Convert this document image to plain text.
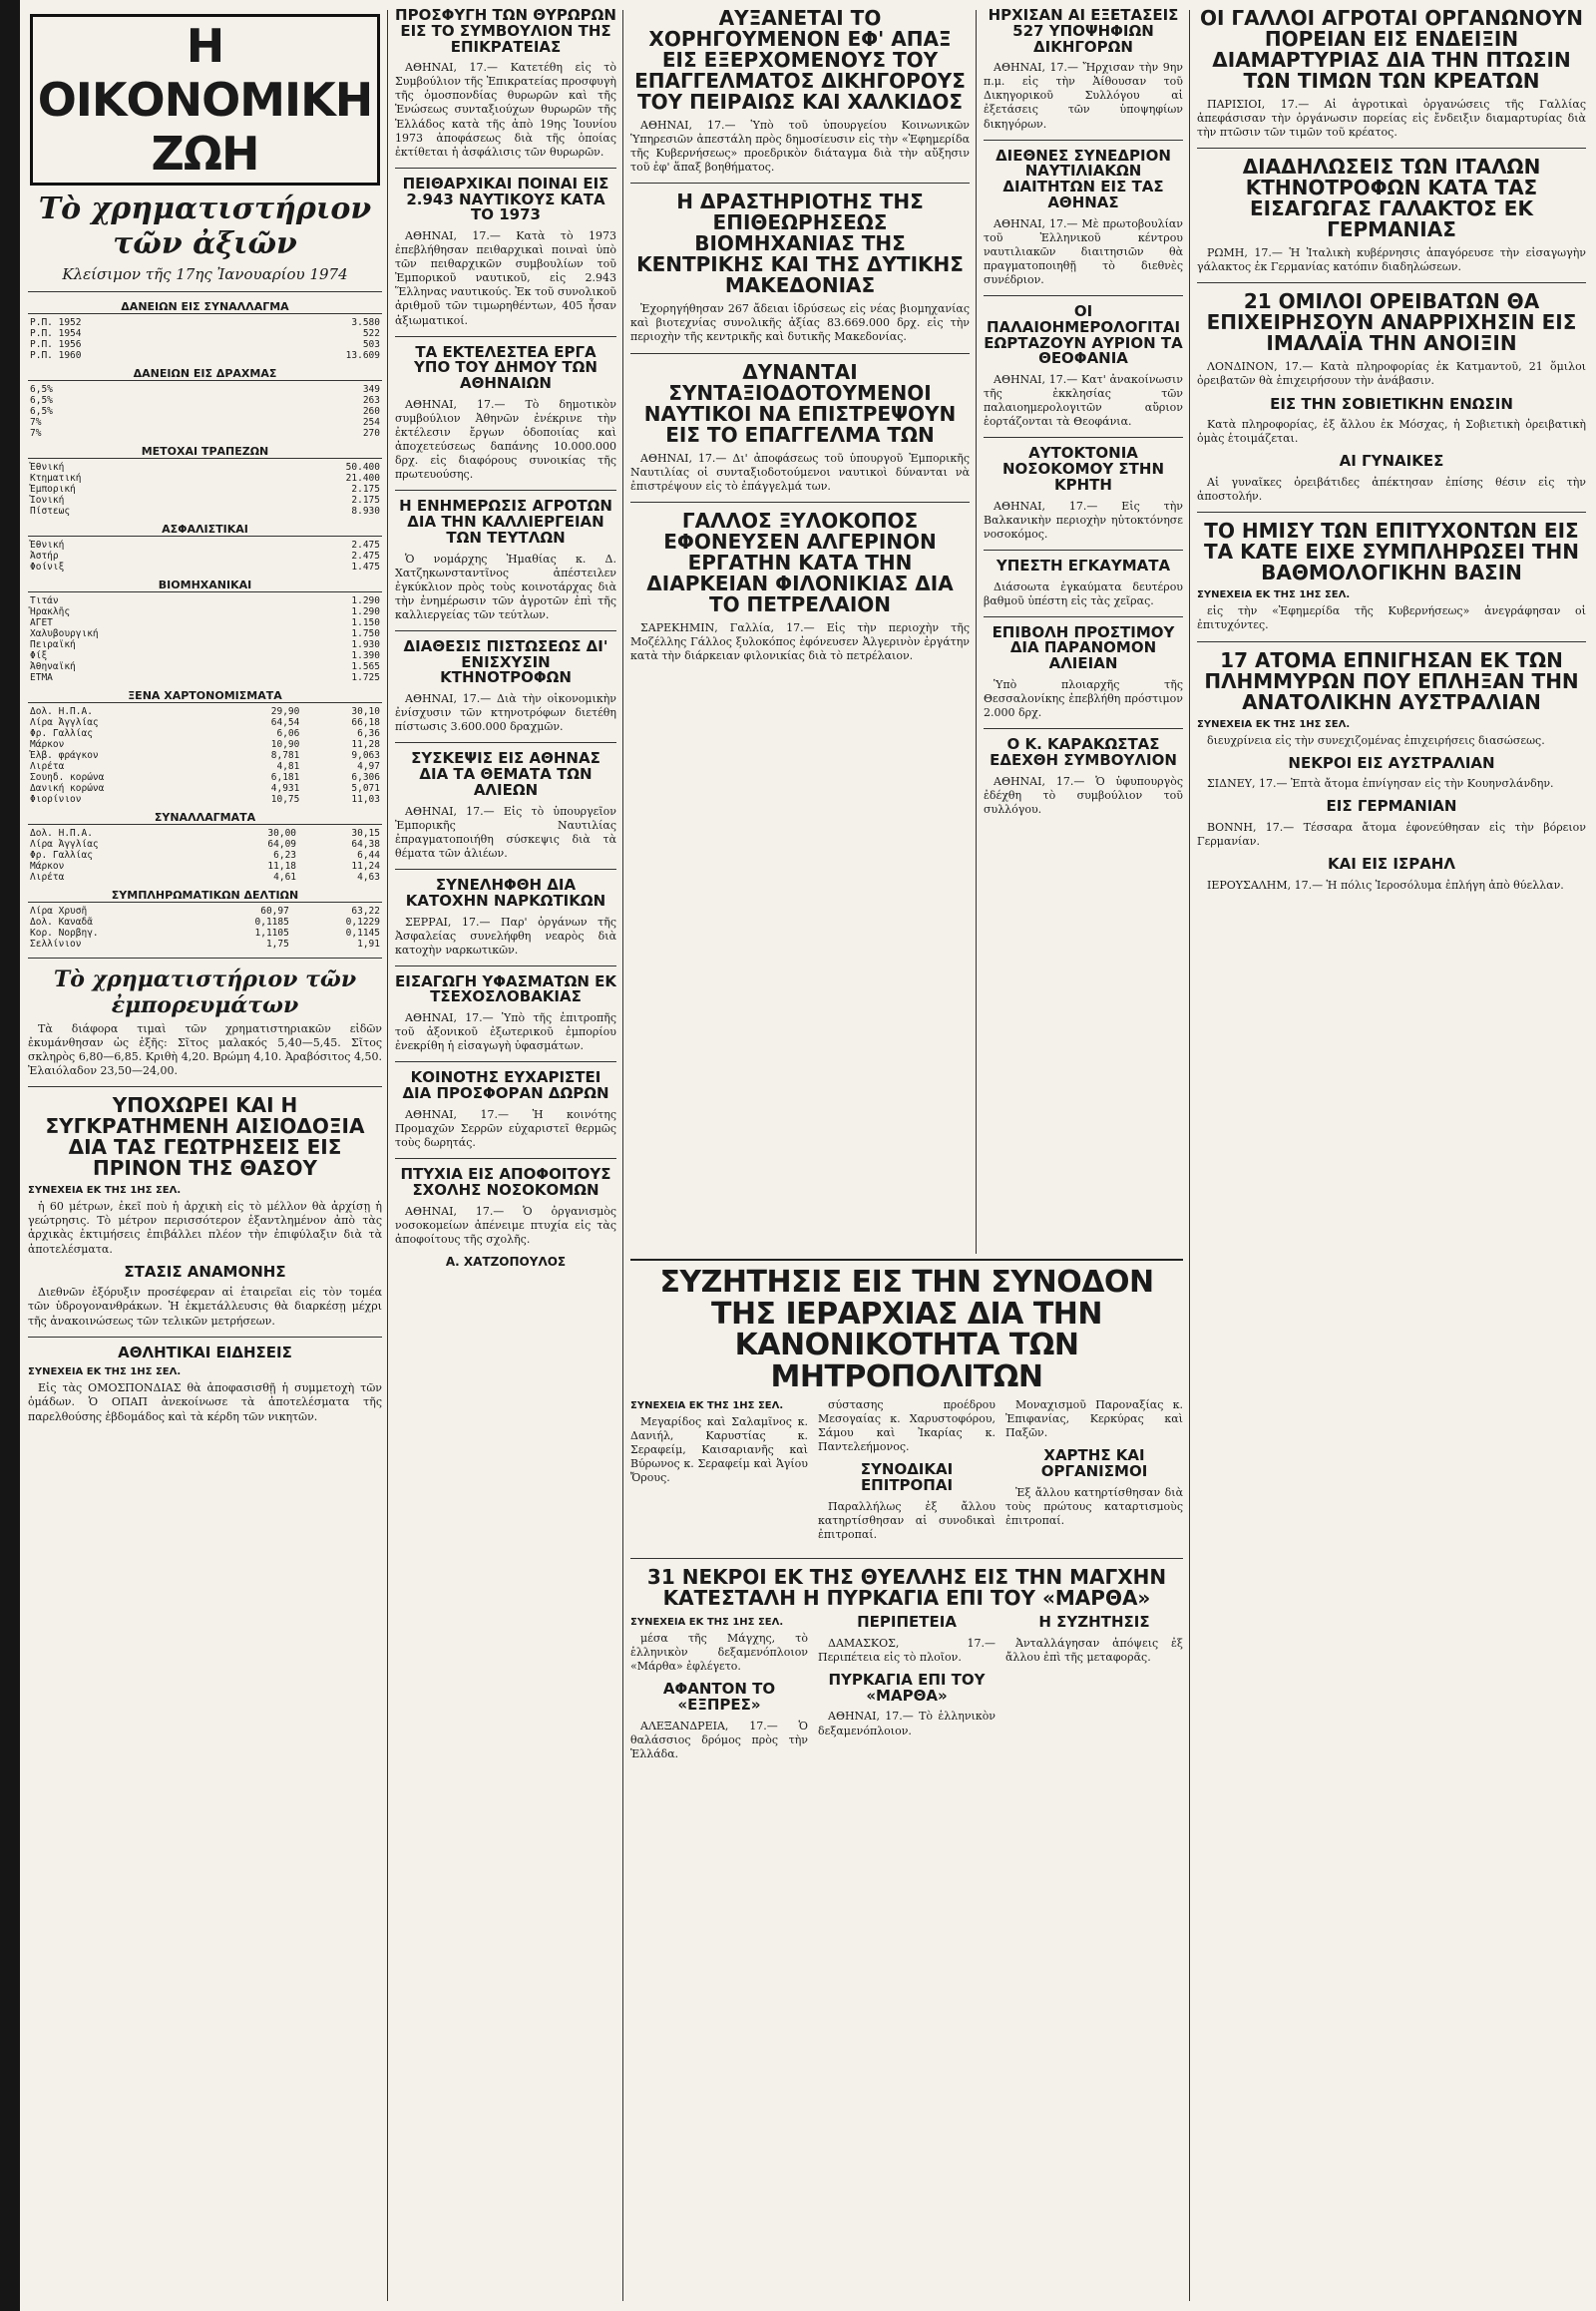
Η ΟΙΚΟΝΟΜΙΚΗ ΖΩΗ
Τὸ χρηματιστήριον τῶν ἀξιῶν
Κλείσιμον τῆς 17ης Ἰανουαρίου 1974
ΔΑΝΕΙΩΝ ΕΙΣ ΣΥΝΑΛΛΑΓΜΑ
Ρ.Π. 1952	3.580
Ρ.Π. 1954	522
Ρ.Π. 1956	503
Ρ.Π. 1960	13.609
ΔΑΝΕΙΩΝ ΕΙΣ ΔΡΑΧΜΑΣ
6,5%	349
6,5%	263
6,5%	260
7%	254
7%	270
ΜΕΤΟΧΑΙ ΤΡΑΠΕΖΩΝ
Ἐθνική	50.400
Κτηματική	21.400
Ἑμπορική	2.175
Ἰονική	2.175
Πίστεως	8.930
ΑΣΦΑΛΙΣΤΙΚΑΙ
Ἐθνική	2.475
Ἀστήρ	2.475
Φοίνιξ	1.475
ΒΙΟΜΗΧΑΝΙΚΑΙ
Τιτάν	1.290
Ἤρακλῆς	1.290
ΑΓΕΤ	1.150
Χαλυβουργική	1.750
Πειραϊκή	1.930
Φίξ	1.390
Ἀθηναϊκή	1.565
ΕΤΜΑ	1.725
ΞΕΝΑ ΧΑΡΤΟΝΟΜΙΣΜΑΤΑ
Δολ. Η.Π.Α.	29,90	30,10
Λίρα Ἀγγλίας	64,54	66,18
Φρ. Γαλλίας	6,06	6,36
Μάρκον	10,90	11,28
Ἑλβ. φράγκον	8,781	9,063
Λιρέτα	4,81	4,97
Σουηδ. κορώνα	6,181	6,306
Δανική κορώνα	4,931	5,071
Φιορίνιον	10,75	11,03
ΣΥΝΑΛΛΑΓΜΑΤΑ
Δολ. Η.Π.Α.	30,00	30,15
Λίρα Ἀγγλίας	64,09	64,38
Φρ. Γαλλίας	6,23	6,44
Μάρκον	11,18	11,24
Λιρέτα	4,61	4,63
ΣΥΜΠΛΗΡΩΜΑΤΙΚΩΝ ΔΕΛΤΙΩΝ
Λίρα Χρυσῆ	60,97	63,22
Δολ. Καναδᾶ	0,1185	0,1229
Κορ. Νορβηγ.	1,1105	0,1145
Σελλίνιον	1,75	1,91
Τὸ χρηματιστήριον τῶν ἐμπορευμάτων

Τὰ διάφορα τιμαὶ τῶν χρηματιστηριακῶν εἰδῶν ἐκυμάνθησαν ὡς ἐξῆς: Σῖτος μαλακός 5,40—5,45. Σῖτος σκληρὸς 6,80—6,85. Κριθὴ 4,20. Βρώμη 4,10. Ἀραβόσιτος 4,50. Ἐλαιόλαδον 23,50—24,00.

ΥΠΟΧΩΡΕΙ ΚΑΙ Η ΣΥΓΚΡΑΤΗΜΕΝΗ ΑΙΣΙΟΔΟΞΙΑ ΔΙΑ ΤΑΣ ΓΕΩΤΡΗΣΕΙΣ ΕΙΣ ΠΡΙΝΟΝ ΤΗΣ ΘΑΣΟΥ
ΣΥΝΕΧΕΙΑ ΕΚ ΤΗΣ 1ΗΣ ΣΕΛ.

ἡ 60 μέτρων, ἐκεῖ ποὺ ἡ ἀρχικὴ εἰς τὸ μέλλον θὰ ἀρχίσῃ ἡ γεώτρησις. Τὸ μέτρον περισσότερον ἐξαντλημένον ἀπὸ τὰς ἀρχικὰς ἐκτιμήσεις ἐπιβάλλει πλέον τὴν ἐπιφύλαξιν διὰ τὰ ἀποτελέσματα.

ΣΤΑΣΙΣ ΑΝΑΜΟΝΗΣ

Διεθνῶν ἐξόρυξιν προσέφεραν αἱ ἑταιρεῖαι εἰς τὸν τομέα τῶν ὑδρογονανθράκων. Ἡ ἐκμετάλλευσις θὰ διαρκέσῃ μέχρι τῆς ἀνακοινώσεως τῶν τελικῶν μετρήσεων.

ΑΘΛΗΤΙΚΑΙ ΕΙΔΗΣΕΙΣ
ΣΥΝΕΧΕΙΑ ΕΚ ΤΗΣ 1ΗΣ ΣΕΛ.

Εἰς τὰς ΟΜΟΣΠΟΝΔΙΑΣ θὰ ἀποφασισθῇ ἡ συμμετοχὴ τῶν ὁμάδων. Ὁ ΟΠΑΠ ἀνεκοίνωσε τὰ ἀποτελέσματα τῆς παρελθούσης ἑβδομάδος καὶ τὰ κέρδη τῶν νικητῶν.

ΠΡΟΣΦΥΓΗ ΤΩΝ ΘΥΡΩΡΩΝ ΕΙΣ ΤΟ ΣΥΜΒΟΥΛΙΟΝ ΤΗΣ ΕΠΙΚΡΑΤΕΙΑΣ

ΑΘΗΝΑΙ, 17.— Κατετέθη εἰς τὸ Συμβούλιον τῆς Ἐπικρατείας προσφυγὴ τῆς ὁμοσπονδίας θυρωρῶν καὶ τῆς Ἑνώσεως συνταξιούχων θυρωρῶν τῆς Ἑλλάδος κατὰ τῆς ἀπὸ 19ης Ἰουνίου 1973 ἀποφάσεως διὰ τῆς ὁποίας ἐκτίθεται ἡ ἀσφάλισις τῶν θυρωρῶν.

ΠΕΙΘΑΡΧΙΚΑΙ ΠΟΙΝΑΙ ΕΙΣ 2.943 ΝΑΥΤΙΚΟΥΣ ΚΑΤΑ ΤΟ 1973

ΑΘΗΝΑΙ, 17.— Κατὰ τὸ 1973 ἐπεβλήθησαν πειθαρχικαὶ ποιναὶ ὑπὸ τῶν πειθαρχικῶν συμβουλίων τοῦ Ἐμπορικοῦ ναυτικοῦ, εἰς 2.943 Ἕλληνας ναυτικούς. Ἐκ τοῦ συνολικοῦ ἀριθμοῦ τῶν τιμωρηθέντων, 405 ἦσαν ἀξιωματικοί.

ΤΑ ΕΚΤΕΛΕΣΤΕΑ ΕΡΓΑ ΥΠΟ ΤΟΥ ΔΗΜΟΥ ΤΩΝ ΑΘΗΝΑΙΩΝ

ΑΘΗΝΑΙ, 17.— Τὸ δημοτικὸν συμβούλιον Ἀθηνῶν ἐνέκρινε τὴν ἐκτέλεσιν ἔργων ὁδοποιίας καὶ ἀποχετεύσεως δαπάνης 10.000.000 δρχ. εἰς διαφόρους συνοικίας τῆς πρωτευούσης.

Η ΕΝΗΜΕΡΩΣΙΣ ΑΓΡΟΤΩΝ ΔΙΑ ΤΗΝ ΚΑΛΛΙΕΡΓΕΙΑΝ ΤΩΝ ΤΕΥΤΛΩΝ

Ὁ νομάρχης Ἠμαθίας κ. Δ. Χατζηκωνσταντῖνος ἀπέστειλεν ἐγκύκλιον πρὸς τοὺς κοινοτάρχας διὰ τὴν ἐνημέρωσιν τῶν ἀγροτῶν ἐπὶ τῆς καλλιεργείας τῶν τεύτλων.

ΔΙΑΘΕΣΙΣ ΠΙΣΤΩΣΕΩΣ ΔΙ' ΕΝΙΣΧΥΣΙΝ ΚΤΗΝΟΤΡΟΦΩΝ

ΑΘΗΝΑΙ, 17.— Διὰ τὴν οἰκονομικὴν ἐνίσχυσιν τῶν κτηνοτρόφων διετέθη πίστωσις 3.600.000 δραχμῶν.

ΣΥΣΚΕΨΙΣ ΕΙΣ ΑΘΗΝΑΣ ΔΙΑ ΤΑ ΘΕΜΑΤΑ ΤΩΝ ΑΛΙΕΩΝ

ΑΘΗΝΑΙ, 17.— Εἰς τὸ ὑπουργεῖον Ἐμπορικῆς Ναυτιλίας ἐπραγματοποιήθη σύσκεψις διὰ τὰ θέματα τῶν ἁλιέων.

ΣΥΝΕΛΗΦΘΗ ΔΙΑ ΚΑΤΟΧΗΝ ΝΑΡΚΩΤΙΚΩΝ

ΣΕΡΡΑΙ, 17.— Παρ' ὀργάνων τῆς Ἀσφαλείας συνελήφθη νεαρὸς διὰ κατοχὴν ναρκωτικῶν.

ΕΙΣΑΓΩΓΗ ΥΦΑΣΜΑΤΩΝ ΕΚ ΤΣΕΧΟΣΛΟΒΑΚΙΑΣ

ΑΘΗΝΑΙ, 17.— Ὑπὸ τῆς ἐπιτροπῆς τοῦ ἀξονικοῦ ἐξωτερικοῦ ἐμπορίου ἐνεκρίθη ἡ εἰσαγωγὴ ὑφασμάτων.

ΚΟΙΝΟΤΗΣ ΕΥΧΑΡΙΣΤΕΙ ΔΙΑ ΠΡΟΣΦΟΡΑΝ ΔΩΡΩΝ

ΑΘΗΝΑΙ, 17.— Ἡ κοινότης Προμαχῶν Σερρῶν εὐχαριστεῖ θερμῶς τοὺς δωρητάς.

ΠΤΥΧΙΑ ΕΙΣ ΑΠΟΦΟΙΤΟΥΣ ΣΧΟΛΗΣ ΝΟΣΟΚΟΜΩΝ

ΑΘΗΝΑΙ, 17.— Ὁ ὀργανισμὸς νοσοκομείων ἀπένειμε πτυχία εἰς τὰς ἀποφοίτους τῆς σχολῆς.

Α. ΧΑΤΖΟΠΟΥΛΟΣ
ΑΥΞΑΝΕΤΑΙ ΤΟ ΧΟΡΗΓΟΥΜΕΝΟΝ ΕΦ' ΑΠΑΞ ΕΙΣ ΕΞΕΡΧΟΜΕΝΟΥΣ ΤΟΥ ΕΠΑΓΓΕΛΜΑΤΟΣ ΔΙΚΗΓΟΡΟΥΣ ΤΟΥ ΠΕΙΡΑΙΩΣ ΚΑΙ ΧΑΛΚΙΔΟΣ

ΑΘΗΝΑΙ, 17.— Ὑπὸ τοῦ ὑπουργείου Κοινωνικῶν Ὑπηρεσιῶν ἀπεστάλη πρὸς δημοσίευσιν εἰς τὴν «Ἐφημερίδα τῆς Κυβερνήσεως» προεδρικὸν διάταγμα διὰ τὴν αὔξησιν τοῦ ἐφ' ἅπαξ βοηθήματος.

Η ΔΡΑΣΤΗΡΙΟΤΗΣ ΤΗΣ ΕΠΙΘΕΩΡΗΣΕΩΣ ΒΙΟΜΗΧΑΝΙΑΣ ΤΗΣ ΚΕΝΤΡΙΚΗΣ ΚΑΙ ΤΗΣ ΔΥΤΙΚΗΣ ΜΑΚΕΔΟΝΙΑΣ

Ἐχορηγήθησαν 267 ἄδειαι ἱδρύσεως εἰς νέας βιομηχανίας καὶ βιοτεχνίας συνολικῆς ἀξίας 83.669.000 δρχ. εἰς τὴν περιοχὴν τῆς κεντρικῆς καὶ δυτικῆς Μακεδονίας.

ΔΥΝΑΝΤΑΙ ΣΥΝΤΑΞΙΟΔΟΤΟΥΜΕΝΟΙ ΝΑΥΤΙΚΟΙ ΝΑ ΕΠΙΣΤΡΕΨΟΥΝ ΕΙΣ ΤΟ ΕΠΑΓΓΕΛΜΑ ΤΩΝ

ΑΘΗΝΑΙ, 17.— Δι' ἀποφάσεως τοῦ ὑπουργοῦ Ἐμπορικῆς Ναυτιλίας οἱ συνταξιοδοτούμενοι ναυτικοὶ δύνανται νὰ ἐπιστρέψουν εἰς τὸ ἐπάγγελμά των.

ΓΑΛΛΟΣ ΞΥΛΟΚΟΠΟΣ ΕΦΟΝΕΥΣΕΝ ΑΛΓΕΡΙΝΟΝ ΕΡΓΑΤΗΝ ΚΑΤΑ ΤΗΝ ΔΙΑΡΚΕΙΑΝ ΦΙΛΟΝΙΚΙΑΣ ΔΙΑ ΤΟ ΠΕΤΡΕΛΑΙΟΝ

ΣΑΡΕΚΗΜΙΝ, Γαλλία, 17.— Εἰς τὴν περιοχὴν τῆς Μοζέλλης Γάλλος ξυλοκόπος ἐφόνευσεν Ἀλγερινὸν ἐργάτην κατὰ τὴν διάρκειαν φιλονικίας διὰ τὸ πετρέλαιον.

ΗΡΧΙΣΑΝ ΑΙ ΕΞΕΤΑΣΕΙΣ 527 ΥΠΟΨΗΦΙΩΝ ΔΙΚΗΓΟΡΩΝ

ΑΘΗΝΑΙ, 17.— Ἤρχισαν τὴν 9ην π.μ. εἰς τὴν Ἀίθουσαν τοῦ Δικηγορικοῦ Συλλόγου αἱ ἐξετάσεις τῶν ὑποψηφίων δικηγόρων.

ΔΙΕΘΝΕΣ ΣΥΝΕΔΡΙΟΝ ΝΑΥΤΙΛΙΑΚΩΝ ΔΙΑΙΤΗΤΩΝ ΕΙΣ ΤΑΣ ΑΘΗΝΑΣ

ΑΘΗΝΑΙ, 17.— Μὲ πρωτοβουλίαν τοῦ Ἑλληνικοῦ κέντρου ναυτιλιακῶν διαιτησιῶν θὰ πραγματοποιηθῇ τὸ διεθνὲς συνέδριον.

ΟΙ ΠΑΛΑΙΟΗΜΕΡΟΛΟΓΙΤΑΙ ΕΩΡΤΑΖΟΥΝ ΑΥΡΙΟΝ ΤΑ ΘΕΟΦΑΝΙΑ

ΑΘΗΝΑΙ, 17.— Κατ' ἀνακοίνωσιν τῆς ἐκκλησίας τῶν παλαιοημερολογιτῶν αὔριον ἑορτάζονται τὰ Θεοφάνια.

ΑΥΤΟΚΤΟΝΙΑ ΝΟΣΟΚΟΜΟΥ ΣΤΗΝ ΚΡΗΤΗ

ΑΘΗΝΑΙ, 17.— Εἰς τὴν Βαλκανικὴν περιοχὴν ηὐτοκτόνησε νοσοκόμος.

ΥΠΕΣΤΗ ΕΓΚΑΥΜΑΤΑ

Διάσοωτα ἐγκαύματα δευτέρου βαθμοῦ ὑπέστη εἰς τὰς χεῖρας.

ΕΠΙΒΟΛΗ ΠΡΟΣΤΙΜΟΥ ΔΙΑ ΠΑΡΑΝΟΜΟΝ ΑΛΙΕΙΑΝ

Ὑπὸ πλοιαρχῆς τῆς Θεσσαλονίκης ἐπεβλήθη πρόστιμον 2.000 δρχ.

Ο Κ. ΚΑΡΑΚΩΣΤΑΣ ΕΔΕΧΘΗ ΣΥΜΒΟΥΛΙΟΝ

ΑΘΗΝΑΙ, 17.— Ὁ ὑφυπουργὸς ἐδέχθη τὸ συμβούλιον τοῦ συλλόγου.

ΣΥΖΗΤΗΣΙΣ ΕΙΣ ΤΗΝ ΣΥΝΟΔΟΝ ΤΗΣ ΙΕΡΑΡΧΙΑΣ ΔΙΑ ΤΗΝ ΚΑΝΟΝΙΚΟΤΗΤΑ ΤΩΝ ΜΗΤΡΟΠΟΛΙΤΩΝ
ΣΥΝΕΧΕΙΑ ΕΚ ΤΗΣ 1ΗΣ ΣΕΛ.

Μεγαρίδος καὶ Σαλαμῖνος κ. Δανιήλ, Καρυστίας κ. Σεραφείμ, Καισαριανῆς καὶ Βύρωνος κ. Σεραφείμ καὶ Ἁγίου Ὄρους.

σύστασης προέδρου Μεσογαίας κ. Χαρυστοφόρου, Σάμου καὶ Ἰκαρίας κ. Παντελεήμονος.

ΣΥΝΟΔΙΚΑΙ ΕΠΙΤΡΟΠΑΙ

Παραλλήλως ἐξ ἄλλου κατηρτίσθησαν αἱ συνοδικαὶ ἐπιτροπαί.

Μοναχισμοῦ Παροναξίας κ. Ἐπιφανίας, Κερκύρας καὶ Παξῶν.

ΧΑΡΤΗΣ ΚΑΙ ΟΡΓΑΝΙΣΜΟΙ

Ἐξ ἄλλου κατηρτίσθησαν διὰ τοὺς πρώτους καταρτισμοὺς ἐπιτροπαί.

31 ΝΕΚΡΟΙ ΕΚ ΤΗΣ ΘΥΕΛΛΗΣ ΕΙΣ ΤΗΝ ΜΑΓΧΗΝ ΚΑΤΕΣΤΑΛΗ Η ΠΥΡΚΑΓΙΑ ΕΠΙ ΤΟΥ «ΜΑΡΘΑ»
ΣΥΝΕΧΕΙΑ ΕΚ ΤΗΣ 1ΗΣ ΣΕΛ.

μέσα τῆς Μάγχης, τὸ ἑλληνικὸν δεξαμενόπλοιον «Μάρθα» ἐφλέγετο.

ΑΦΑΝΤΟΝ ΤΟ «ΕΞΠΡΕΣ»

ΑΛΕΞΑΝΔΡΕΙΑ, 17.— Ὁ θαλάσσιος δρόμος πρὸς τὴν Ἑλλάδα.

ΠΕΡΙΠΕΤΕΙΑ

ΔΑΜΑΣΚΟΣ, 17.— Περιπέτεια εἰς τὸ πλοῖον.

ΠΥΡΚΑΓΙΑ ΕΠΙ ΤΟΥ «ΜΑΡΘΑ»

ΑΘΗΝΑΙ, 17.— Τὸ ἑλληνικὸν δεξαμενόπλοιον.

Η ΣΥΖΗΤΗΣΙΣ

Ἀνταλλάγησαν ἀπόψεις ἐξ ἄλλου ἐπὶ τῆς μεταφορᾶς.

ΟΙ ΓΑΛΛΟΙ ΑΓΡΟΤΑΙ ΟΡΓΑΝΩΝΟΥΝ ΠΟΡΕΙΑΝ ΕΙΣ ΕΝΔΕΙΞΙΝ ΔΙΑΜΑΡΤΥΡΙΑΣ ΔΙΑ ΤΗΝ ΠΤΩΣΙΝ ΤΩΝ ΤΙΜΩΝ ΤΩΝ ΚΡΕΑΤΩΝ

ΠΑΡΙΣΙΟΙ, 17.— Αἱ ἀγροτικαὶ ὀργανώσεις τῆς Γαλλίας ἀπεφάσισαν τὴν ὀργάνωσιν πορείας εἰς ἔνδειξιν διαμαρτυρίας διὰ τὴν πτῶσιν τῶν τιμῶν τοῦ κρέατος.

ΔΙΑΔΗΛΩΣΕΙΣ ΤΩΝ ΙΤΑΛΩΝ ΚΤΗΝΟΤΡΟΦΩΝ ΚΑΤΑ ΤΑΣ ΕΙΣΑΓΩΓΑΣ ΓΑΛΑΚΤΟΣ ΕΚ ΓΕΡΜΑΝΙΑΣ

ΡΩΜΗ, 17.— Ἡ Ἰταλικὴ κυβέρνησις ἀπαγόρευσε τὴν εἰσαγωγὴν γάλακτος ἐκ Γερμανίας κατόπιν διαδηλώσεων.

21 ΟΜΙΛΟΙ ΟΡΕΙΒΑΤΩΝ ΘΑ ΕΠΙΧΕΙΡΗΣΟΥΝ ΑΝΑΡΡΙΧΗΣΙΝ ΕΙΣ ΙΜΑΛΑΪΑ ΤΗΝ ΑΝΟΙΞΙΝ

ΛΟΝΔΙΝΟΝ, 17.— Κατὰ πληροφορίας ἐκ Κατμαντοῦ, 21 ὅμιλοι ὀρειβατῶν θὰ ἐπιχειρήσουν τὴν ἀνάβασιν.

ΕΙΣ ΤΗΝ ΣΟΒΙΕΤΙΚΗΝ ΕΝΩΣΙΝ

Κατὰ πληροφορίας, ἐξ ἄλλου ἐκ Μόσχας, ἡ Σοβιετικὴ ὀρειβατικὴ ὁμὰς ἑτοιμάζεται.

ΑΙ ΓΥΝΑΙΚΕΣ

Αἱ γυναῖκες ὀρειβάτιδες ἀπέκτησαν ἐπίσης θέσιν εἰς τὴν ἀποστολήν.

ΤΟ ΗΜΙΣΥ ΤΩΝ ΕΠΙΤΥΧΟΝΤΩΝ ΕΙΣ ΤΑ ΚΑΤΕ ΕΙΧΕ ΣΥΜΠΛΗΡΩΣΕΙ ΤΗΝ ΒΑΘΜΟΛΟΓΙΚΗΝ ΒΑΣΙΝ
ΣΥΝΕΧΕΙΑ ΕΚ ΤΗΣ 1ΗΣ ΣΕΛ.

εἰς τὴν «Ἐφημερίδα τῆς Κυβερνήσεως» ἀνεγράφησαν οἱ ἐπιτυχόντες.

17 ΑΤΟΜΑ ΕΠΝΙΓΗΣΑΝ ΕΚ ΤΩΝ ΠΛΗΜΜΥΡΩΝ ΠΟΥ ΕΠΛΗΞΑΝ ΤΗΝ ΑΝΑΤΟΛΙΚΗΝ ΑΥΣΤΡΑΛΙΑΝ
ΣΥΝΕΧΕΙΑ ΕΚ ΤΗΣ 1ΗΣ ΣΕΛ.

διευχρίνεια εἰς τὴν συνεχιζομένας ἐπιχειρήσεις διασώσεως.

ΝΕΚΡΟΙ ΕΙΣ ΑΥΣΤΡΑΛΙΑΝ

ΣΙΔΝΕΥ, 17.— Ἐπτὰ ἄτομα ἐπνίγησαν εἰς τὴν Κουηνσλάνδην.

ΕΙΣ ΓΕΡΜΑΝΙΑΝ

ΒΟΝΝΗ, 17.— Τέσσαρα ἄτομα ἐφονεύθησαν εἰς τὴν βόρειον Γερμανίαν.

ΚΑΙ ΕΙΣ ΙΣΡΑΗΛ

ΙΕΡΟΥΣΑΛΗΜ, 17.— Ἡ πόλις Ἱεροσόλυμα ἐπλήγη ἀπὸ θύελλαν.
